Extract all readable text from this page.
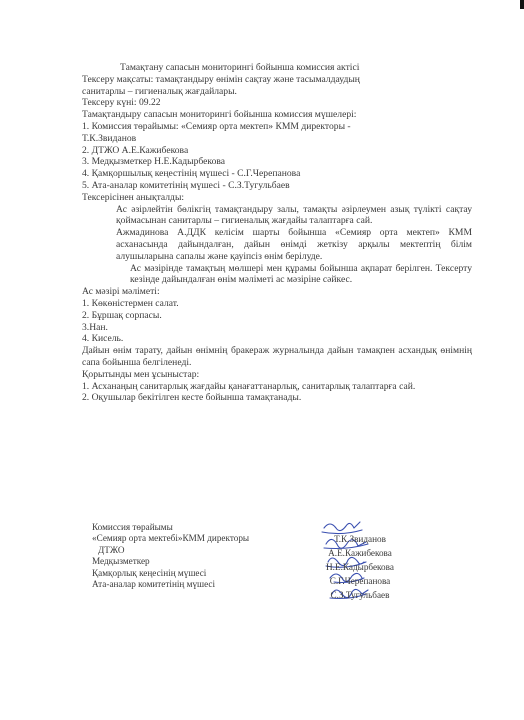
Тамақтану сапасын мониторингі бойынша комиссия актісі
Тексеру мақсаты: тамақтандыру өнімін сақтау және тасымалдаудың
санитарлы – гигиеналық жағдайлары.
Тексеру күні: 09.22
Тамақтандыру сапасын мониторингі бойынша комиссия мүшелері:
1. Комиссия төрайымы: «Семияр орта мектеп» КММ директоры -
Т.К.Звиданов
2. ДТЖО А.Е.Кажибекова
3. Медқызметкер Н.Е.Кадырбекова
4. Қамқоршылық кеңестінің мүшесі - С.Г.Черепанова
5. Ата-аналар комитетінің мүшесі - С.З.Тугульбаев
Тексерісінен анықталды:
Ас әзірлейтін бөлікгің тамақтандыру залы, тамақты әзірлеумен азық түлікті сақтау қоймасынан санитарлы – гигиеналық жағдайы талаптарға сай.
Ажмадинова А.ДДК келісім шарты бойынша «Семияр орта мектеп» КММ асханасында дайындалған, дайын өнімді жеткізу арқылы мектептің білім алушыларына сапалы және қауіпсіз өнім берілуде.
Ас мәзірінде тамақтың мөлшері мен құрамы бойынша ақпарат берілген. Тексерту кезінде дайындалған өнім мәліметі ас мәзіріне сәйкес.
Ас мәзірі мәліметі:
1. Көкөністермен салат.
2. Бұршақ сорпасы.
3.Нан.
4. Кисель.
Дайын өнім тарату, дайын өнімнің бракераж журналында дайын тамақпен асхандық өнімнің сапа бойынша белгіленеді.
Қорытынды мен ұсыныстар:
1. Асханаңың санитарлық жағдайы қанағаттанарлық, санитарлық талаптарға сай.
2. Оқушылар бекітілген кесте бойынша тамақтанады.
Комиссия төрайымы
«Семияр орта мектебі»КММ директоры
ДТЖО
Медқызметкер
Қамқорлық кеңесінің мүшесі
Ата-аналар комитетінің мүшесі
Т.К.Звиданов
А.Е.Кажибекова
Н.Е.Кадырбекова
С.Г.Черепанова
С.З.Тугульбаев
